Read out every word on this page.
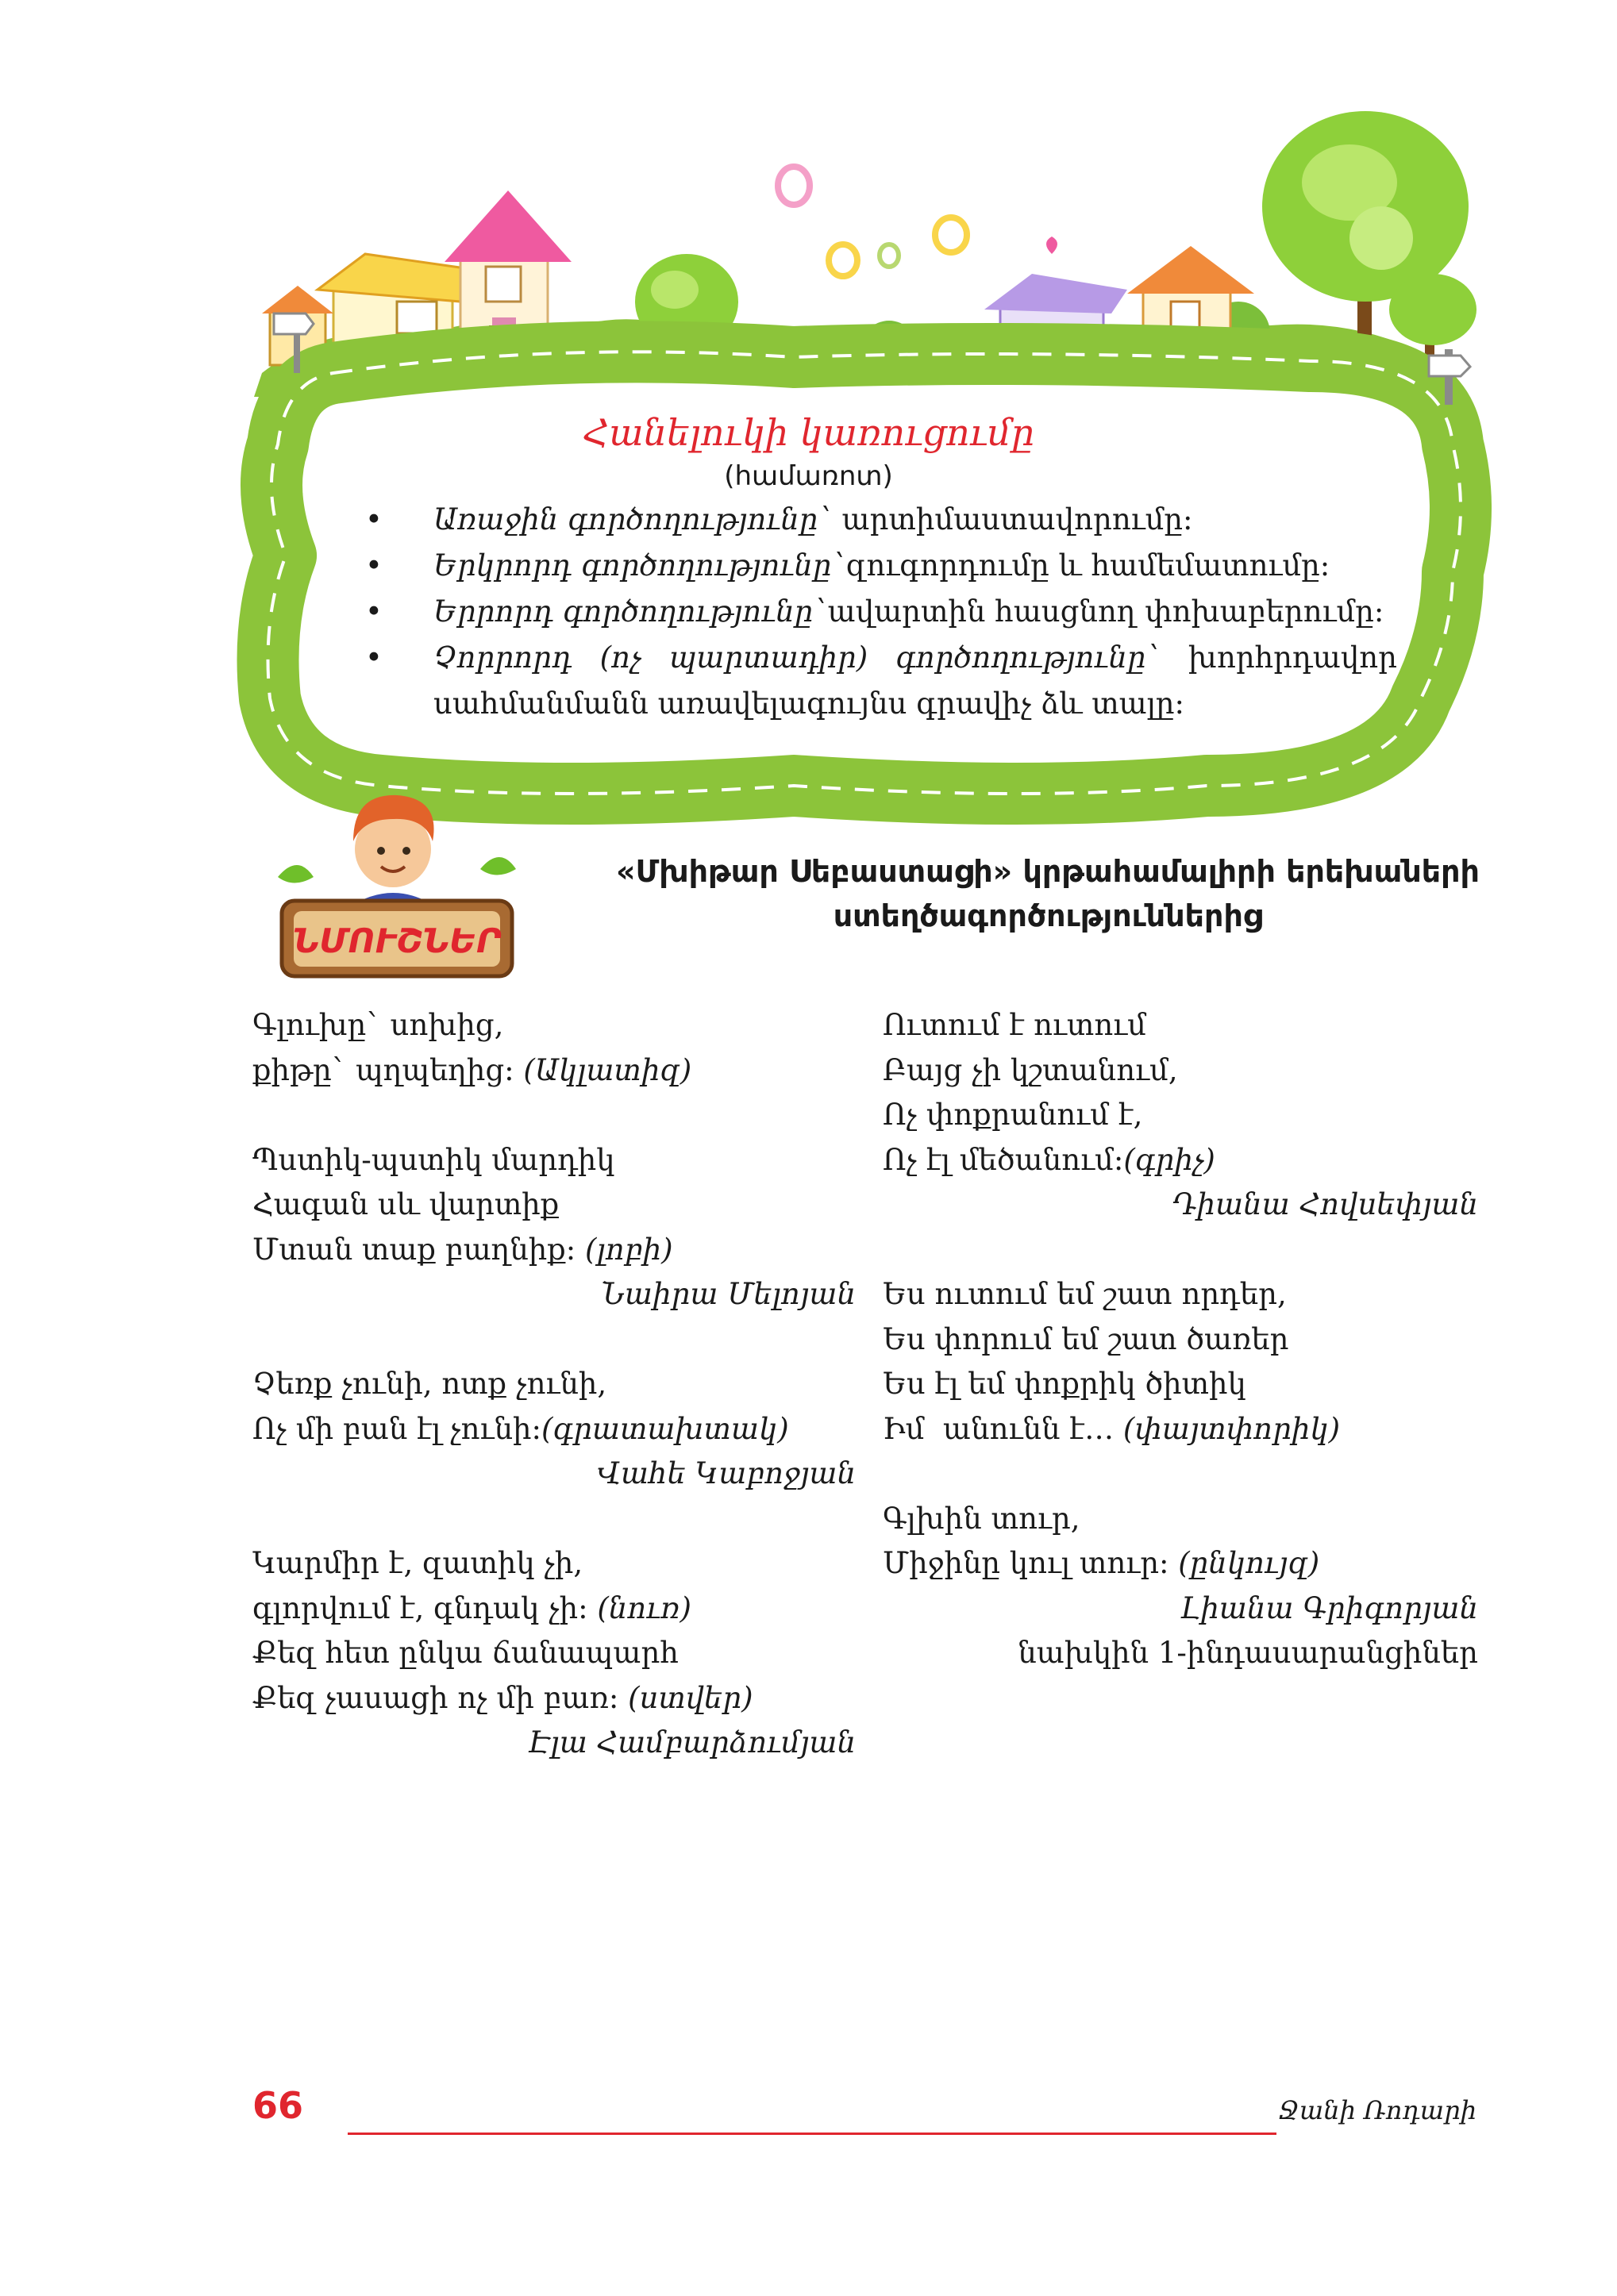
Հանելուկի կառուցումը
(համառոտ)
• Առաջին գործողությունը` արտիմաստավորումը։
• Երկրորդ գործողությունը`զուգորդումը և համեմատումը։
• Երրորդ գործողությունը`ավարտին հասցնող փոխաբերումը։
• Չորրորդ (ոչ պարտադիր) գործողությունը` խորհրդավոր սահմանմանն առավելագույնս գրավիչ ձև տալը։
ՆՄՈՒՇՆԵՐ
«Մխիթար Սեբաստացի» կրթահամալիրի երեխաների
ստեղծագործություններից
Գլուխը` սոխից,
քիթը` պղպեղից: (Ակլատիզ)
Պստիկ-պստիկ մարդիկ
Հագան սև վարտիք
Մտան տաք բաղնիք: (լոբի)
Նաիրա Մելոյան
Չեռք չունի, ոտք չունի,
Ոչ մի բան էլ չունի:(գրատախտակ)
Վահե Կաբոջյան
Կարմիր է, զատիկ չի,
գլորվում է, գնդակ չի: (նուռ)
Քեզ հետ ընկա ճանապարհ
Քեզ չասացի ոչ մի բառ: (ստվեր)
Էլա Համբարձումյան
Ուտում է ուտում
Բայց չի կշտանում,
Ոչ փոքրանում է,
Ոչ էլ մեծանում:(գրիչ)
Դիանա Հովսեփյան
Ես ուտում եմ շատ որդեր,
Ես փորում եմ շատ ծառեր
Ես էլ եմ փոքրիկ ծիտիկ
Իմ  անունն է… (փայտփորիկ)
Գլխին տուր,
Միջինը կուլ տուր: (ընկույզ)
Լիանա Գրիգորյան
նախկին 1-ինդասարանցիներ
66	Ջանի Ռոդարի
